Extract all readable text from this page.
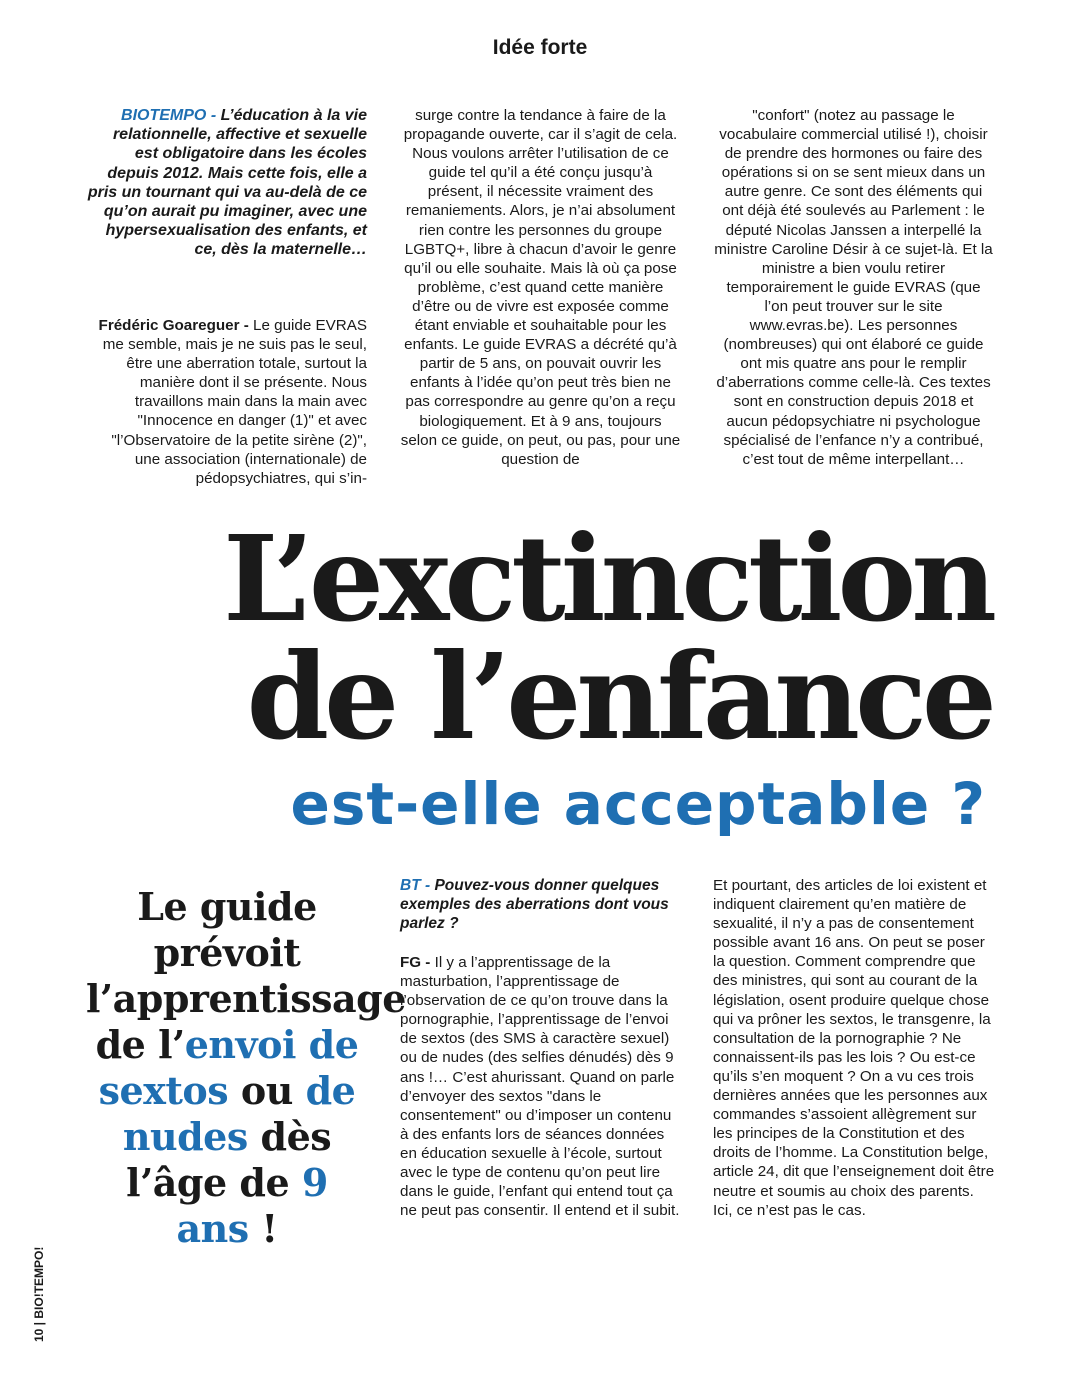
Idée forte
BIOTEMPO - L’éducation à la vie relationnelle, affective et sexuelle est obligatoire dans les écoles depuis 2012. Mais cette fois, elle a pris un tournant qui va au-delà de ce qu’on aurait pu imaginer, avec une hypersexualisation des enfants, et ce, dès la maternelle…
Frédéric Goareguer - Le guide EVRAS me semble, mais je ne suis pas le seul, être une aberration totale, surtout la manière dont il se présente. Nous travaillons main dans la main avec "Innocence en danger (1)" et avec "l’Observatoire de la petite sirène (2)", une association (internationale) de pédopsychiatres, qui s’in-
surge contre la tendance à faire de la propagande ouverte, car il s’agit de cela. Nous voulons arrêter l’utilisation de ce guide tel qu’il a été conçu jusqu’à présent, il nécessite vraiment des remaniements. Alors, je n’ai absolument rien contre les personnes du groupe LGBTQ+, libre à chacun d’avoir le genre qu’il ou elle souhaite. Mais là où ça pose problème, c’est quand cette manière d’être ou de vivre est exposée comme étant enviable et souhaitable pour les enfants. Le guide EVRAS a décrété qu’à partir de 5 ans, on pouvait ouvrir les enfants à l’idée qu’on peut très bien ne pas correspondre au genre qu’on a reçu biologiquement. Et à 9 ans, toujours selon ce guide, on peut, ou pas, pour une question de
"confort" (notez au passage le vocabulaire commercial utilisé !), choisir de prendre des hormones ou faire des opérations si on se sent mieux dans un autre genre. Ce sont des éléments qui ont déjà été soulevés au Parlement : le député Nicolas Janssen a interpellé la ministre Caroline Désir à ce sujet-là. Et la ministre a bien voulu retirer temporairement le guide EVRAS (que l’on peut trouver sur le site www.evras.be). Les personnes (nombreuses) qui ont élaboré ce guide ont mis quatre ans pour le remplir d’aberrations comme celle-là. Ces textes sont en construction depuis 2018 et aucun pédopsychiatre ni psychologue spécialisé de l’enfance n’y a contribué, c’est tout de même interpellant…
L’exctinction
de l’enfance
est-elle acceptable ?
Le guide prévoit l’apprentissage de l’envoi de sextos ou de nudes dès l’âge de 9 ans !
BT - Pouvez-vous donner quelques exemples des aberrations dont vous parlez ?
FG - Il y a l’apprentissage de la masturbation, l’apprentissage de l’observation de ce qu’on trouve dans la pornographie, l’apprentissage de l’envoi de sextos (des SMS à caractère sexuel) ou de nudes (des selfies dénudés) dès 9 ans !… C’est ahurissant. Quand on parle d’envoyer des sextos "dans le consentement" ou d’imposer un contenu à des enfants lors de séances données en éducation sexuelle à l’école, surtout avec le type de contenu qu’on peut lire dans le guide, l’enfant qui entend tout ça ne peut pas consentir. Il entend et il subit.
Et pourtant, des articles de loi existent et indiquent clairement qu’en matière de sexualité, il n’y a pas de consentement possible avant 16 ans. On peut se poser la question. Comment comprendre que des ministres, qui sont au courant de la législation, osent produire quelque chose qui va prôner les sextos, le transgenre, la consultation de la pornographie ? Ne connaissent-ils pas les lois ? Ou est-ce qu’ils s’en moquent ? On a vu ces trois dernières années que les personnes aux commandes s’assoient allègrement sur les principes de la Constitution et des droits de l’homme. La Constitution belge, article 24, dit que l’enseignement doit être neutre et soumis au choix des parents. Ici, ce n’est pas le cas.
10 | BIO!TEMPO!
